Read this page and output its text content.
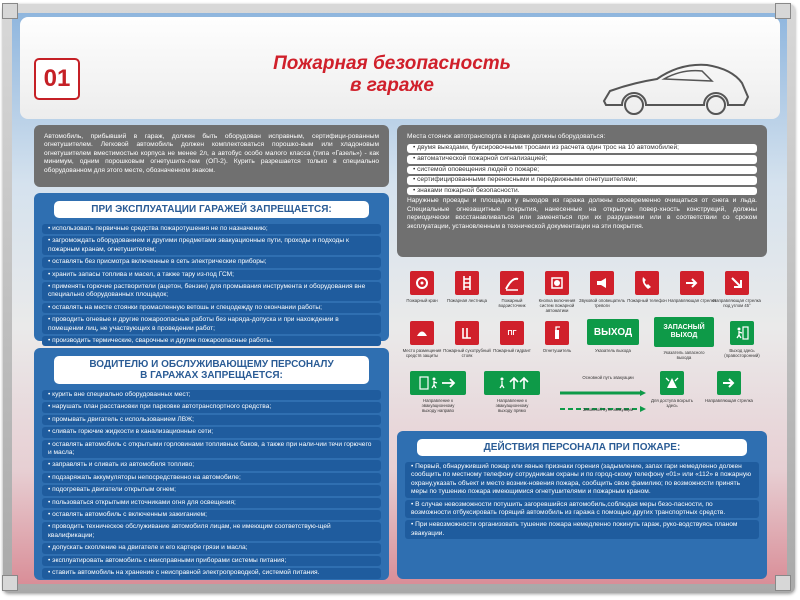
01
Пожарная безопасность
в гараже
Автомобиль, прибывший в гараж, должен быть оборудован исправным, сертифици-рованным огнетушителем. Легковой автомобиль должен комплектоваться порошко-вым или хладоновым огнетушителем вместимостью корпуса не менее 2л, а автобус особо малого класса (типа «Газель») - как минимум, одним порошковым огнетушите-лем (ОП-2). Курить разрешается только в специально оборудованном для этого месте, обозначенном знаком.
ПРИ ЭКСПЛУАТАЦИИ ГАРАЖЕЙ ЗАПРЕЩАЕТСЯ:
• использовать первичные средства пожаротушения не по назначению;
• загромождать оборудованием и другими предметами эвакуационные пути, проходы и подходы к пожарным кранам, огнетушителям;
• оставлять без присмотра включенные в сеть электрические приборы;
• хранить запасы топлива и масел, а также тару из-под ГСМ;
• применять горючие растворители (ацетон, бензин) для промывания инструмента и оборудования вне специально оборудованных площадок;
• оставлять на месте стоянки промасленную ветошь и спецодежду по окончании работы;
• проводить огневые и другие пожароопасные работы без наряда-допуска и при нахождении в помещении лиц, не участвующих в проведении работ;
• производить термические, сварочные и другие пожароопасные работы.
ВОДИТЕЛЮ И ОБСЛУЖИВАЮЩЕМУ ПЕРСОНАЛУ
В ГАРАЖАХ ЗАПРЕЩАЕТСЯ:
• курить вне специально оборудованных мест;
• нарушать план расстановки при парковке автотранспортного средства;
• промывать двигатель с использованием ЛВЖ;
• сливать горючие жидкости в канализационные сети;
• оставлять автомобиль с открытыми горловинами топливных баков, а также при нали-чии течи горючего и масла;
• заправлять и сливать из автомобиля топливо;
• подзаряжать аккумуляторы непосредственно на автомобиле;
• подогревать двигатели открытым огнем;
• пользоваться открытыми источниками огня для освещения;
• оставлять автомобиль с включенным зажиганием;
• проводить техническое обслуживание автомобиля лицам, не имеющим соответствую-щей квалификации;
• допускать скопление на двигателе и его картере грязи и масла;
• эксплуатировать автомобиль с неисправными приборами системы питания;
• ставить автомобиль на хранение с неисправной электропроводкой, системой питания.
Места стоянок автотранспорта в гараже должны оборудоваться:
• двумя выездами, буксировочными тросами из расчета один трос на 10 автомобилей;
• автоматической пожарной сигнализацией;
• системой оповещения людей о пожаре;
• сертифицированными переносными и передвижными огнетушителями;
• знаками пожарной безопасности.
Наружные проезды и площадки у выходов из гаража должны своевременно очищаться от снега и льда. Специальные огнезащитные покрытия, нанесенные на открытую повер-хность конструкций, должны периодически восстанавливаться или заменяться при их разрушении или в соответствии со сроком эксплуатации, установленным в технической документации на эти покрытия.
Пожарный кран	Пожарная лестница	Пожарный водоисточник
Кнопка включения систем пожарной автоматики
Звуковой оповещатель тревоги
Пожарный телефон Направляющая стрелка
Направляющая стрелка под углом 45°
Место размещения средств защиты
Пожарный сухотрубный стояк
ПГ
Пожарный гидрант	Огнетушитель
ВЫХОД
Указатель выхода
ЗАПАСНЫЙ
ВЫХОД
Указатель запасного выхода
Выход здесь (правосторонний)
Направление к эвакуационному выходу направо
Направление к эвакуационному выходу прямо
Основной путь эвакуации
Запасной путь эвакуации
Для доступа вскрыть здесь
Направляющая стрелка
ДЕЙСТВИЯ ПЕРСОНАЛА ПРИ ПОЖАРЕ:
• Первый, обнаруживший пожар или явные признаки горения (задымление, запах гари немедленно должен сообщить по местному телефону сотрудникам охраны и по город-скому телефону «01» или «112» в пожарную охрану,указать объект и место возник-новения пожара, сообщить свою фамилию; по возможности принять меры по тушению пожара имеющимися огнетушителями и пожарным краном.
• В случае невозможности потушить загоревшийся автомобиль,соблюдая меры безо-пасности, по возможности отбуксировать горящий автомобиль из гаража с помощью других транспортных средств.
• При невозможности организовать тушение пожара немедленно покинуть гараж, руко-водствуясь планом эвакуации.
